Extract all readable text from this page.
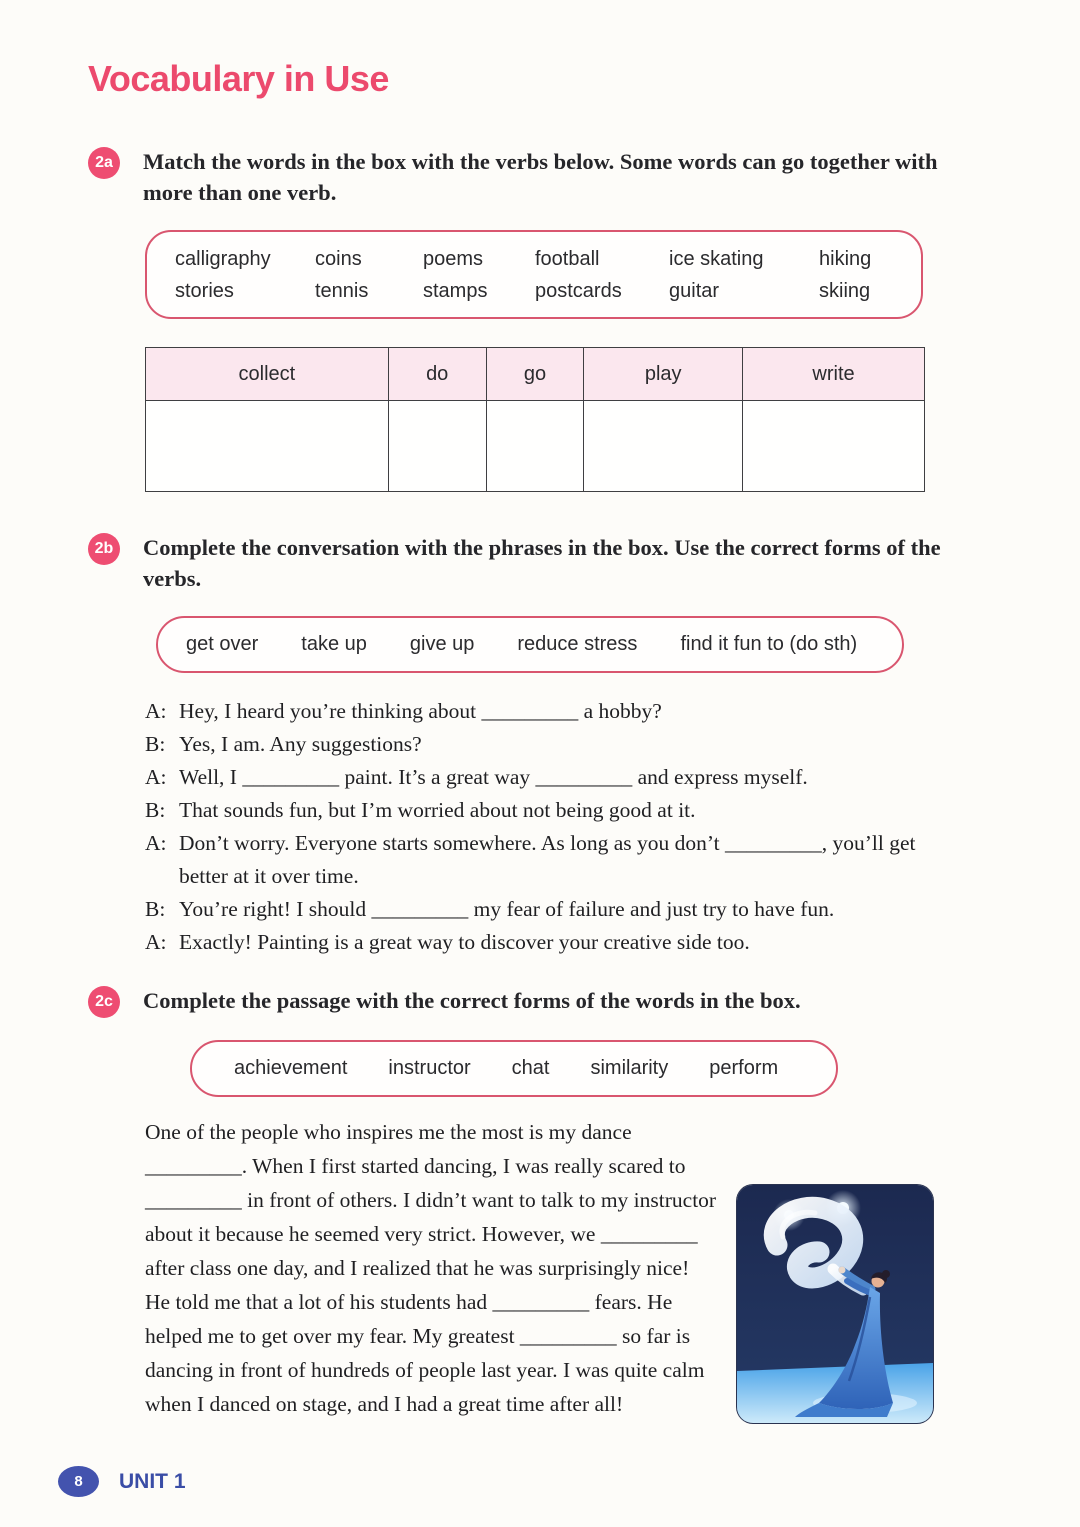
Vocabulary in Use
2a	Match the words in the box with the verbs below. Some words can go together with more than one verb.
calligraphy	coins	poems	football	ice skating	hiking
stories	tennis	stamps	postcards	guitar	skiing
collect	do	go	play	write

2b Complete the conversation with the phrases in the box. Use the correct forms of the verbs.
get over take up give up reduce stress find it fun to (do sth)
A: Hey, I heard you’re thinking about _________ a hobby?
B: Yes, I am. Any suggestions?
A: Well, I _________ paint. It’s a great way _________ and express myself.
B: That sounds fun, but I’m worried about not being good at it.
A: Don’t worry. Everyone starts somewhere. As long as you don’t _________, you’ll get better at it over time.
B: You’re right! I should _________ my fear of failure and just try to have fun.
A: Exactly! Painting is a great way to discover your creative side too.
2c	Complete the passage with the correct forms of the words in the box.
achievement instructor chat similarity perform
One of the people who inspires me the most is my dance _________. When I first started dancing, I was really scared to _________ in front of others. I didn’t want to talk to my instructor about it because he seemed very strict. However, we _________ after class one day, and I realized that he was surprisingly nice! He told me that a lot of his students had _________ fears. He helped me to get over my fear. My greatest _________ so far is dancing in front of hundreds of people last year. I was quite calm when I danced on stage, and I had a great time after all!
8	UNIT 1
